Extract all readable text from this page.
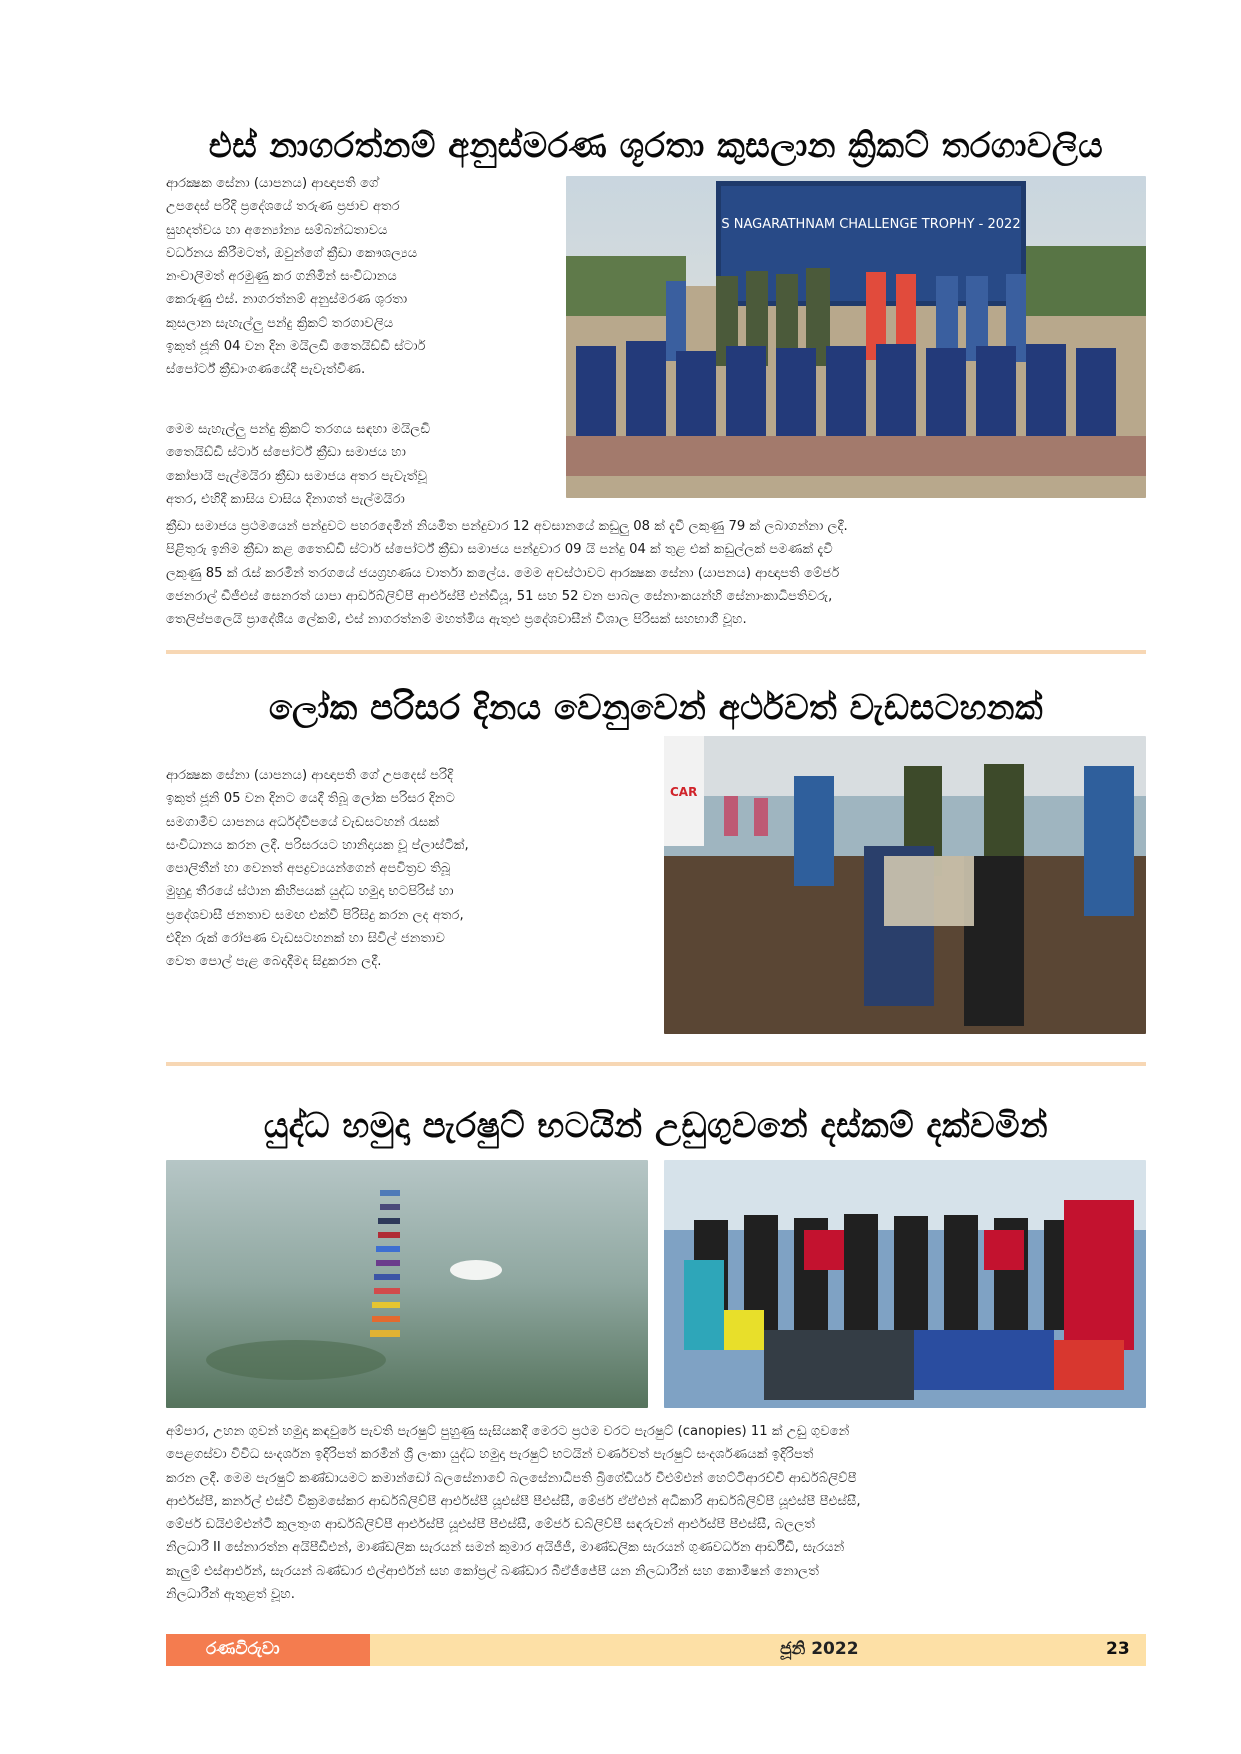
එස් නාගරත්නම් අනුස්මරණ ශූරතා කුසලාන ක්‍රිකට් තරගාවලිය
ආරක්‍ෂක සේනා (යාපනය) ආඥාපති ගේ
උපදෙස් පරිදි ප්‍රදේශයේ තරුණ ප්‍රජාව අතර
සුහදත්වය හා අන්‍යෝන්‍ය සම්බන්ධතාවය
වර්ධනය කිරීමටත්, ඔවුන්ගේ ක්‍රීඩා කෞශල්‍යය
නංවාලීමත් අරමුණු කර ගනිමින් සංවිධානය
කෙරුණු එස්. නාගරත්නම් අනුස්මරණ ශූරතා
කුසලාන සැහැල්ලු පන්දු ක්‍රිකට් තරගාවලිය
ඉකුත් ජූනි 04 වන දින මයිලඩි තෛයිඩ්ඩි ස්ටාර්
ස්පෝර්ට් ක්‍රීඩාංගණයේදී පැවැත්විණ.
මෙම සැහැල්ලු පන්දු ක්‍රිකට් තරගය සඳහා මයිලඩි
තෛයිඩ්ඩි ස්ටාර් ස්පෝර්ට් ක්‍රීඩා සමාජය හා
කෝපායි පැල්මයිරා ක්‍රීඩා සමාජය අතර පැවැත්වූ
අතර, එහිදී කාසිය වාසිය දිනාගත් පැල්මයිරා
S NAGARATHNAM CHALLENGE TROPHY - 2022
ක්‍රීඩා සමාජය ප්‍රථමයෙන් පන්දුවට පහරදෙමින් නියමිත පන්දුවාර 12 අවසානයේ කඩුලු 08 ක් දැවී ලකුණු 79 ක් ලබාගන්නා ලදී.
පිළිතුරු ඉනිම ක්‍රීඩා කළ තෛඩ්ඩි ස්ටාර් ස්පෝර්ට් ක්‍රීඩා සමාජය පන්දුවාර 09 යි පන්දු 04 ක් තුළ එක් කඩුල්ලක් පමණක් දැවී
ලකුණු 85 ක් රැස් කරමින් තරගයේ ජයග්‍රහණය වාර්තා කලේය. මෙම අවස්ථාවට ආරක්‍ෂක සේනා (යාපනය) ආඥාපති මේජර්
ජෙනරාල් ඩීජීඑස් සෙනරත් යාපා ආර්ඩබ්ලිව්පී ආර්එස්පී එන්ඩියූ, 51 සහ 52 වන පාබල සේනාංකයන්හි සේනාංකාධිපතිවරු,
තෙලිප්පලෙයි ප්‍රාදේශීය ලේකම්, එස් නාගරත්නම් මහත්මිය ඇතුළු ප්‍රදේශවාසීන් විශාල පිරිසක් සහභාගී වූහ.
ලෝක පරිසර දිනය වෙනුවෙන් අර්ථවත් වැඩසටහනක්
ආරක්‍ෂක සේනා (යාපනය) ආඥාපති ගේ උපදෙස් පරිදි
ඉකුත් ජූනි 05 වන දිනට යෙදී තිබූ ලෝක පරිසර දිනට
සමගාමීව යාපනය අර්ධද්වීපයේ වැඩසටහන් රැසක්
සංවිධානය කරන ලදී. පරිසරයට හානිදායක වූ ප්ලාස්ටික්,
පොලිතීන් හා වෙනත් අපද්‍රව්‍යයන්ගෙන් අපවිත්‍රව තිබූ
මුහුදු තීරයේ ස්ථාන කිහිපයක් යුද්ධ හමුදා භටපිරිස් හා
ප්‍රදේශවාසී ජනතාව සමඟ එක්වී පිරිසිදු කරන ලද අතර,
එදින රුක් රෝපණ වැඩසටහනක් හා සිවිල් ජනතාව
වෙත පොල් පැළ බෙදාදීමද සිදුකරන ලදී.
CAR
යුද්ධ හමුදා පැරෂුට් භටයින් උඩුගුවනේ දස්කම් දක්වමින්
අම්පාර, උහන ගුවන් හමුදා කඳවුරේ පැවති පැරෂුට් පුහුණු සැසියකදී මෙරට ප්‍රථම වරට පැරෂුට් (canopies) 11 ක් උඩු ගුවනේ
පෙළගස්වා විවිධ සංදර්ශන ඉදිරිපත් කරමින් ශ්‍රී ලංකා යුද්ධ හමුදා පැරෂුට් භටයින් වර්ණවත් පැරෂුට් සංදර්ශණයක් ඉදිරිපත්
කරන ලදී. මෙම පැරෂුට් කණ්ඩායමට කමාන්ඩෝ බලසේනාවේ බලසේනාධිපති බ්‍රිගේඩියර් වීඑම්එන් හෙට්ටිආරච්චි ආර්ඩබ්ලිව්පී
ආර්එස්පී, කර්නල් එස්වී වික්‍රමසේකර ආර්ඩබ්ලිව්පී ආර්එස්පී යූඑස්පී පීඑස්සී, මේජර් ඒඒඑන් අධිකාරි ආර්ඩබ්ලිව්පී යූඑස්පී පීඑස්සී,
මේජර් ඩයිඑම්එන්ටී කුලතුංග ආර්ඩබ්ලිව්පී ආර්එස්පී යූඑස්පී පීඑස්සී, මේජර් ඩබ්ලිව්පී සඳරුවන් ආර්එස්පී පීඑස්සී, බලලත්
නිලධාරී II සේනාරත්න අයිපීඩීඑන්, මාණ්ඩලික සැරයන් සමන් කුමාර අයිජීජී, මාණ්ඩලික සැරයන් ගුණවර්ධන ආර්ඩීඩී, සැරයන්
කැලුම් එස්ආර්එන්, සැරයන් බණ්ඩාර එල්ආර්එන් සහ කෝප්‍රල් බණ්ඩාර බීඒජීජේපී යන නිලධාරීන් සහ කොමිෂන් නොලත්
නිලධාරීන් ඇතුළත් වූහ.
රණවිරුවා	ජූනි 2022	23
